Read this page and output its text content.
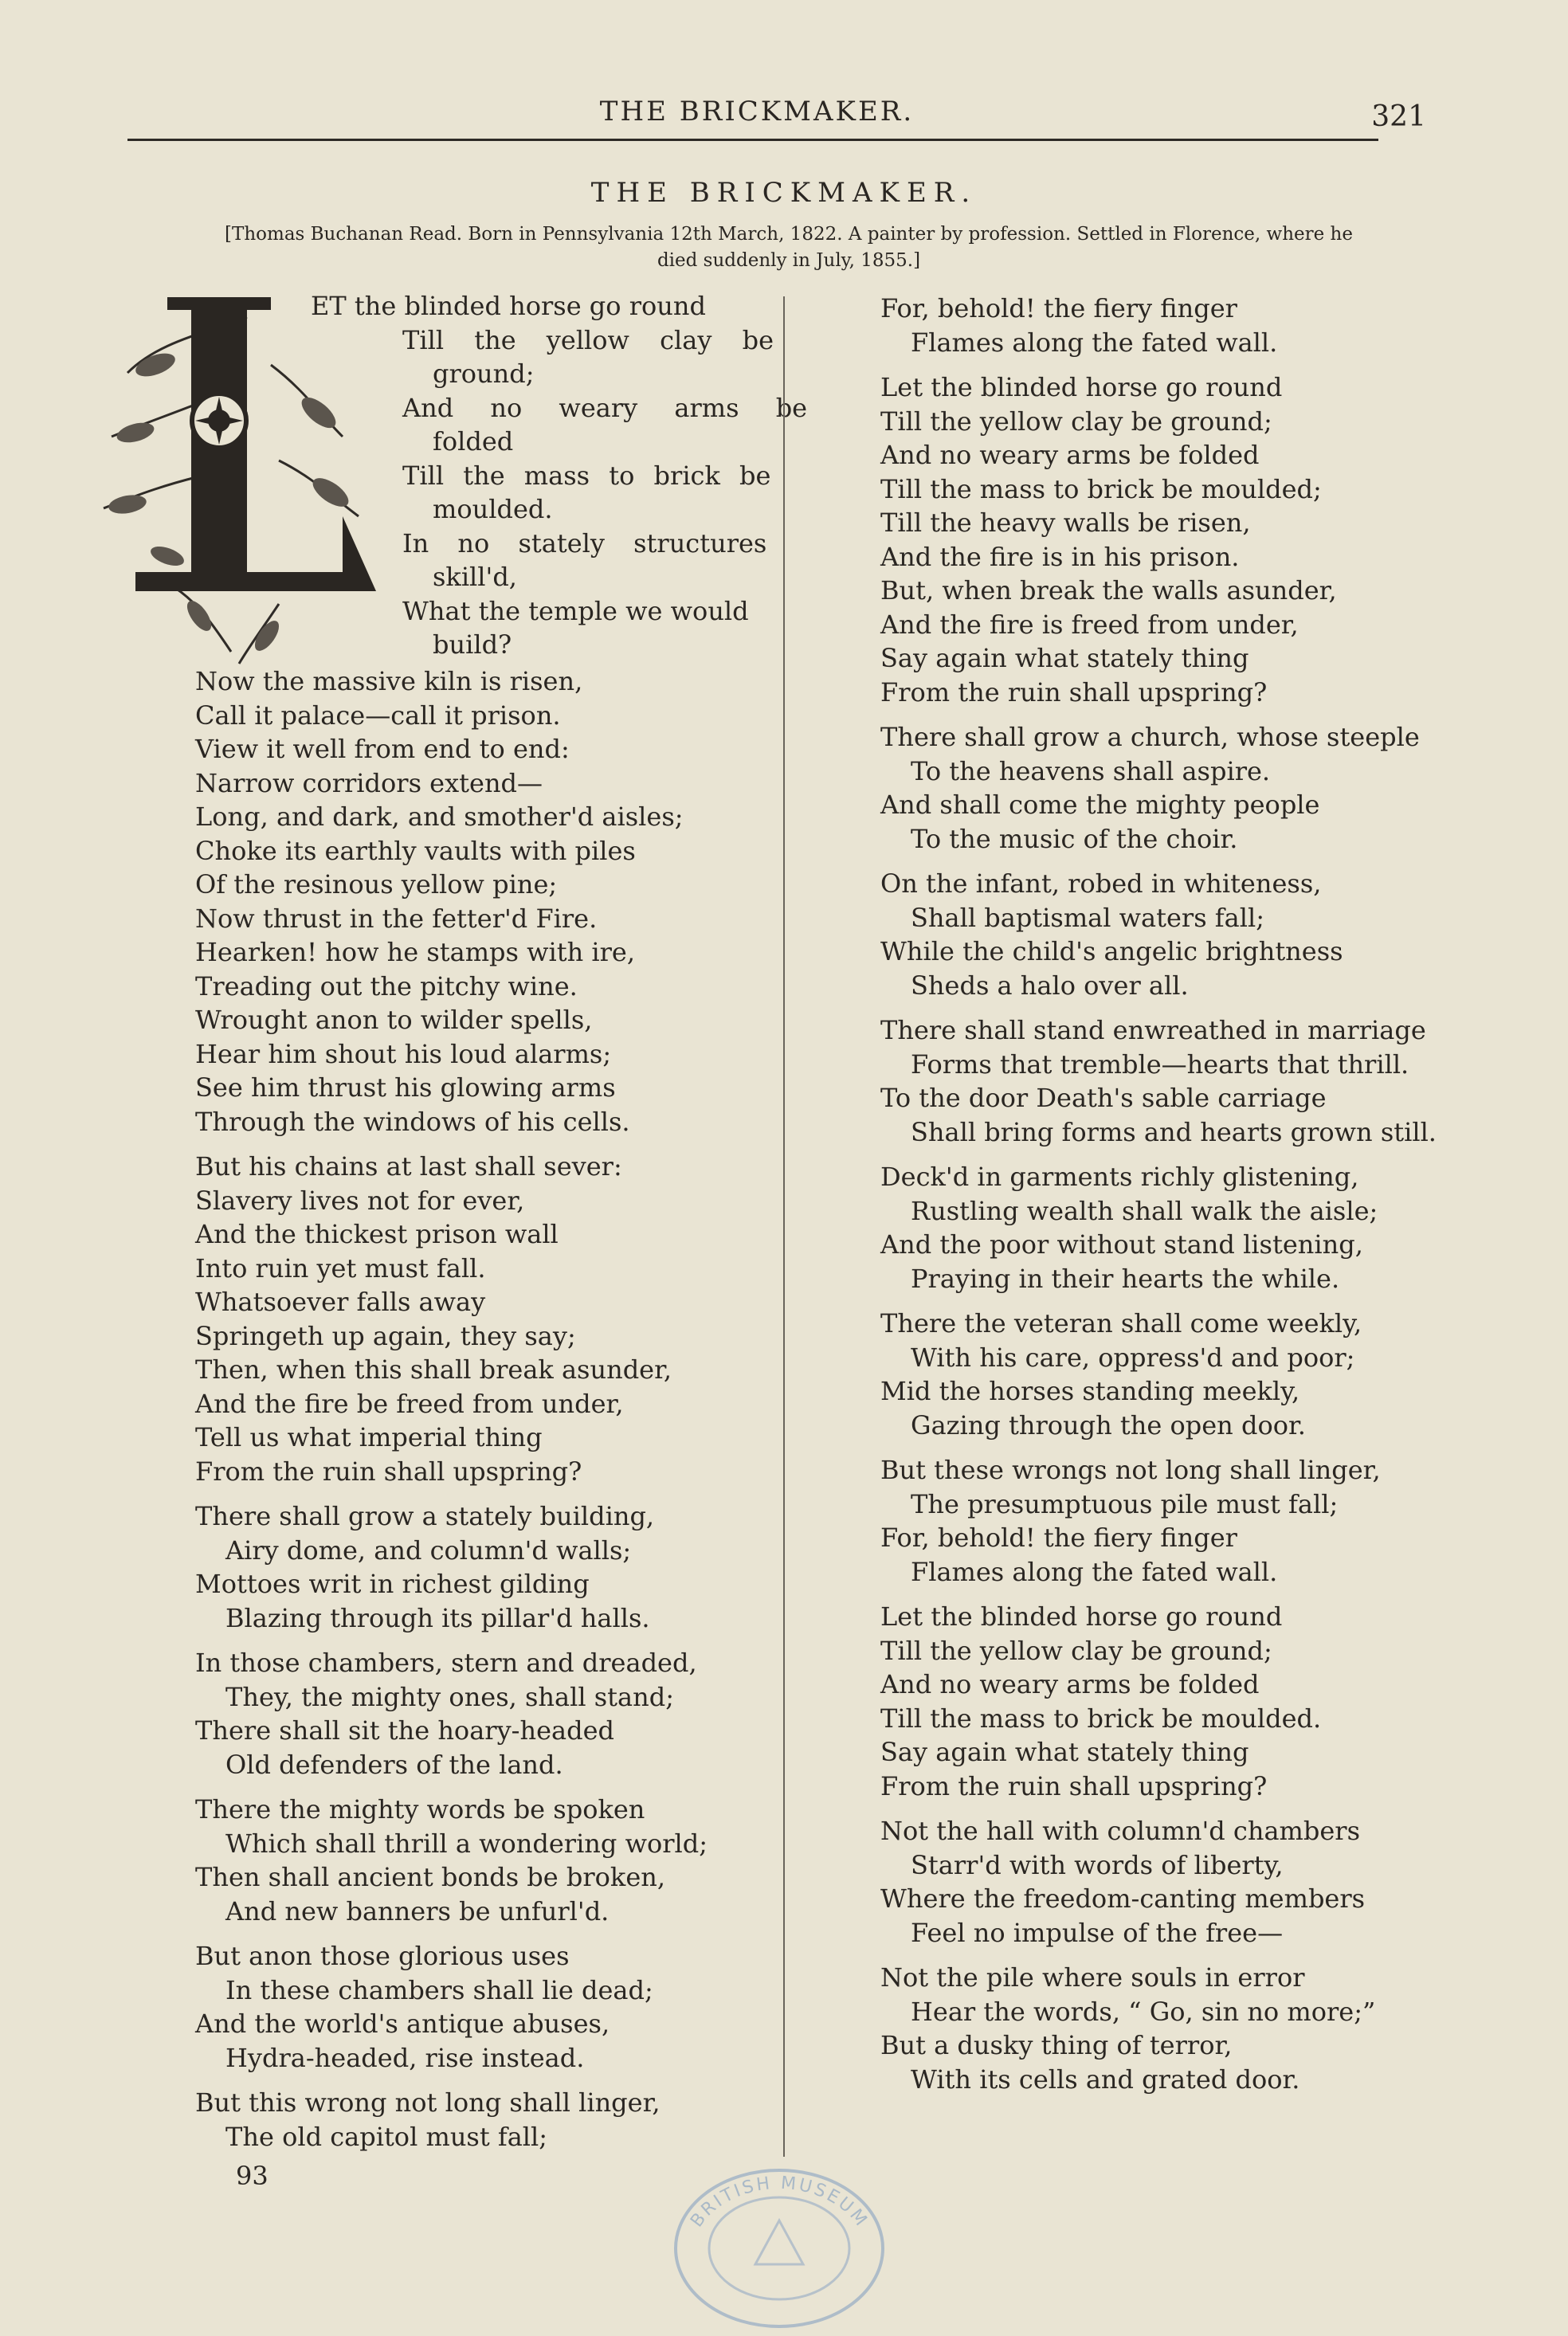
THE BRICKMAKER.	321
THE BRICKMAKER.
[Thomas Buchanan Read. Born in Pennsylvania 12th March, 1822. A painter by profession. Settled in Florence, where he
died suddenly in July, 1855.]
ET the blinded horse go round
Till the yellow clay be
ground;
And no weary arms be
folded
Till the mass to brick be
moulded.
In no stately structures
skill'd,
What the temple we would
build?
Now the massive kiln is risen,
Call it palace—call it prison.
View it well from end to end:
Narrow corridors extend—
Long, and dark, and smother'd aisles;
Choke its earthly vaults with piles
Of the resinous yellow pine;
Now thrust in the fetter'd Fire.
Hearken! how he stamps with ire,
Treading out the pitchy wine.
Wrought anon to wilder spells,
Hear him shout his loud alarms;
See him thrust his glowing arms
Through the windows of his cells.
But his chains at last shall sever:
Slavery lives not for ever,
And the thickest prison wall
Into ruin yet must fall.
Whatsoever falls away
Springeth up again, they say;
Then, when this shall break asunder,
And the fire be freed from under,
Tell us what imperial thing
From the ruin shall upspring?
There shall grow a stately building,
Airy dome, and column'd walls;
Mottoes writ in richest gilding
Blazing through its pillar'd halls.
In those chambers, stern and dreaded,
They, the mighty ones, shall stand;
There shall sit the hoary-headed
Old defenders of the land.
There the mighty words be spoken
Which shall thrill a wondering world;
Then shall ancient bonds be broken,
And new banners be unfurl'd.
But anon those glorious uses
In these chambers shall lie dead;
And the world's antique abuses,
Hydra-headed, rise instead.
But this wrong not long shall linger,
The old capitol must fall;
For, behold! the fiery finger
Flames along the fated wall.
Let the blinded horse go round
Till the yellow clay be ground;
And no weary arms be folded
Till the mass to brick be moulded;
Till the heavy walls be risen,
And the fire is in his prison.
But, when break the walls asunder,
And the fire is freed from under,
Say again what stately thing
From the ruin shall upspring?
There shall grow a church, whose steeple
To the heavens shall aspire.
And shall come the mighty people
To the music of the choir.
On the infant, robed in whiteness,
Shall baptismal waters fall;
While the child's angelic brightness
Sheds a halo over all.
There shall stand enwreathed in marriage
Forms that tremble—hearts that thrill.
To the door Death's sable carriage
Shall bring forms and hearts grown still.
Deck'd in garments richly glistening,
Rustling wealth shall walk the aisle;
And the poor without stand listening,
Praying in their hearts the while.
There the veteran shall come weekly,
With his care, oppress'd and poor;
Mid the horses standing meekly,
Gazing through the open door.
But these wrongs not long shall linger,
The presumptuous pile must fall;
For, behold! the fiery finger
Flames along the fated wall.
Let the blinded horse go round
Till the yellow clay be ground;
And no weary arms be folded
Till the mass to brick be moulded.
Say again what stately thing
From the ruin shall upspring?
Not the hall with column'd chambers
Starr'd with words of liberty,
Where the freedom-canting members
Feel no impulse of the free—
Not the pile where souls in error
Hear the words, “ Go, sin no more;”
But a dusky thing of terror,
With its cells and grated door.
93
BRITISH MUSEUM
